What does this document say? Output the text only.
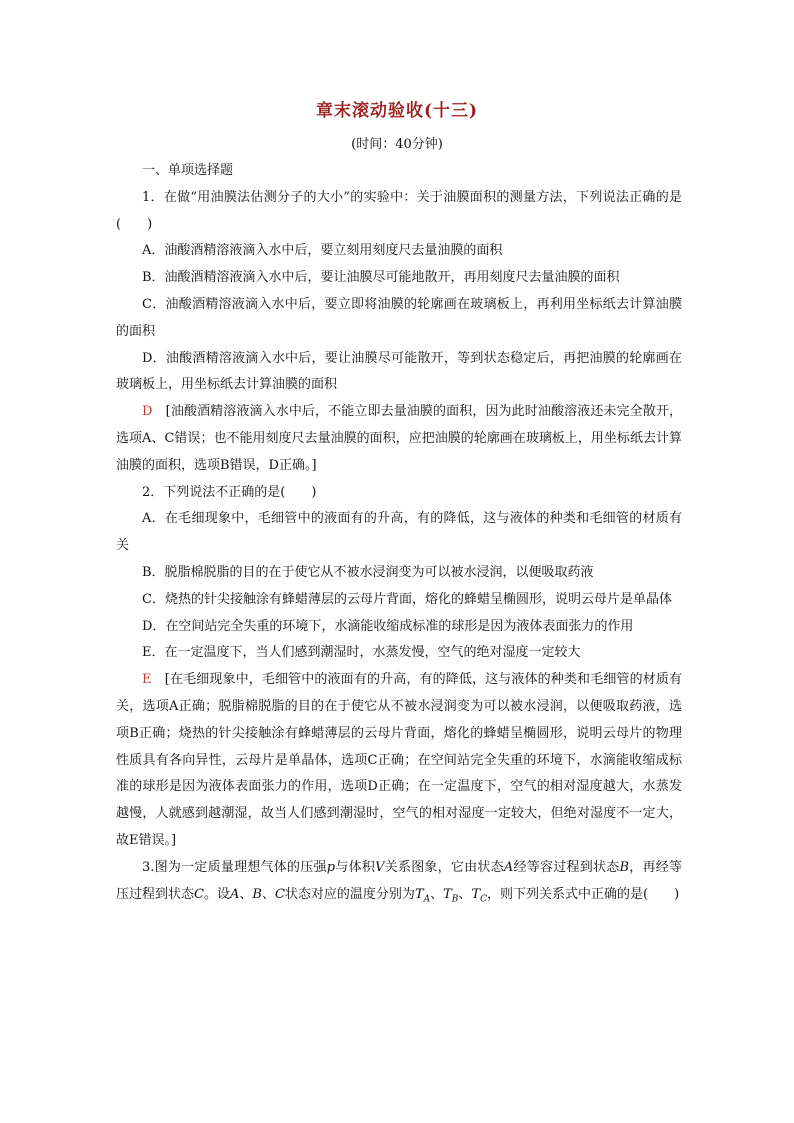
章末滚动验收(十三)
(时间：40分钟)

一、单项选择题

1．在做“用油膜法估测分子的大小”的实验中：关于油膜面积的测量方法，下列说法正确的是(　　)

A．油酸酒精溶液滴入水中后，要立刻用刻度尺去量油膜的面积

B．油酸酒精溶液滴入水中后，要让油膜尽可能地散开，再用刻度尺去量油膜的面积

C．油酸酒精溶液滴入水中后，要立即将油膜的轮廓画在玻璃板上，再利用坐标纸去计算油膜的面积

D．油酸酒精溶液滴入水中后，要让油膜尽可能散开，等到状态稳定后，再把油膜的轮廓画在玻璃板上，用坐标纸去计算油膜的面积

D　 [油酸酒精溶液滴入水中后，不能立即去量油膜的面积，因为此时油酸溶液还未完全散开，选项A、C错误；也不能用刻度尺去量油膜的面积，应把油膜的轮廓画在玻璃板上，用坐标纸去计算油膜的面积，选项B错误，D正确。]

2．下列说法不正确的是(　　)

A．在毛细现象中，毛细管中的液面有的升高，有的降低，这与液体的种类和毛细管的材质有关

B．脱脂棉脱脂的目的在于使它从不被水浸润变为可以被水浸润，以便吸取药液

C．烧热的针尖接触涂有蜂蜡薄层的云母片背面，熔化的蜂蜡呈椭圆形，说明云母片是单晶体

D．在空间站完全失重的环境下，水滴能收缩成标准的球形是因为液体表面张力的作用

E．在一定温度下，当人们感到潮湿时，水蒸发慢，空气的绝对湿度一定较大

E　 [在毛细现象中，毛细管中的液面有的升高，有的降低，这与液体的种类和毛细管的材质有关，选项A正确；脱脂棉脱脂的目的在于使它从不被水浸润变为可以被水浸润，以便吸取药液，选项B正确；烧热的针尖接触涂有蜂蜡薄层的云母片背面，熔化的蜂蜡呈椭圆形，说明云母片的物理性质具有各向异性，云母片是单晶体，选项C正确；在空间站完全失重的环境下，水滴能收缩成标准的球形是因为液体表面张力的作用，选项D正确；在一定温度下，空气的相对湿度越大，水蒸发越慢，人就感到越潮湿，故当人们感到潮湿时，空气的相对湿度一定较大，但绝对湿度不一定大，故E错误。]

3.图为一定质量理想气体的压强p与体积V关系图象，它由状态A经等容过程到状态B，再经等压过程到状态C。设A、B、C状态对应的温度分别为$T_A$、$T_B$、$T_C$，则下列关系式中正确的是(　　)
